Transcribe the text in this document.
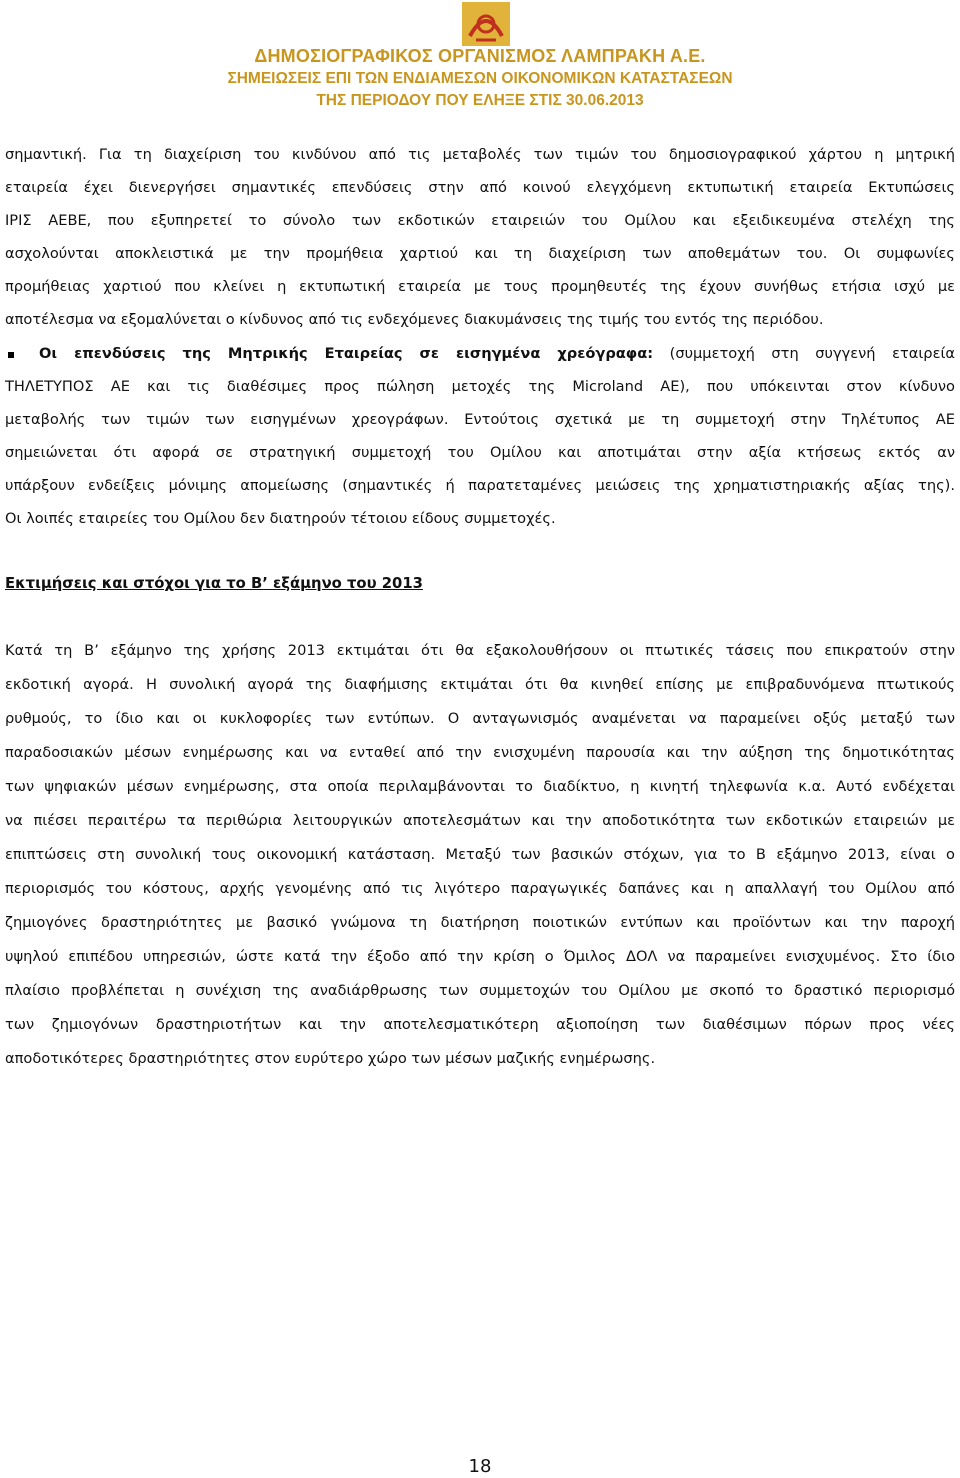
ΔΗΜΟΣΙΟΓΡΑΦΙΚΟΣ ΟΡΓΑΝΙΣΜΟΣ ΛΑΜΠΡΑΚΗ Α.Ε.
ΣΗΜΕΙΩΣΕΙΣ ΕΠΙ ΤΩΝ ΕΝΔΙΑΜΕΣΩΝ ΟΙΚΟΝΟΜΙΚΩΝ ΚΑΤΑΣΤΑΣΕΩΝ
ΤΗΣ ΠΕΡΙΟΔΟΥ ΠΟΥ ΕΛΗΞΕ ΣΤΙΣ 30.06.2013
σημαντική. Για τη διαχείριση του κινδύνου από τις μεταβολές των τιμών του δημοσιογραφικού χάρτου η μητρική
εταιρεία έχει διενεργήσει σημαντικές επενδύσεις στην από κοινού ελεγχόμενη εκτυπωτική εταιρεία Εκτυπώσεις
ΙΡΙΣ ΑΕΒΕ, που εξυπηρετεί το σύνολο των εκδοτικών εταιρειών του Ομίλου και εξειδικευμένα στελέχη της
ασχολούνται αποκλειστικά με την προμήθεια χαρτιού και τη διαχείριση των αποθεμάτων του. Οι συμφωνίες
προμήθειας χαρτιού που κλείνει η εκτυπωτική εταιρεία με τους προμηθευτές της έχουν συνήθως ετήσια ισχύ με
αποτέλεσμα να εξομαλύνεται ο κίνδυνος από τις ενδεχόμενες διακυμάνσεις της τιμής του εντός της περιόδου.
Οι επενδύσεις της Μητρικής Εταιρείας σε εισηγμένα χρεόγραφα: (συμμετοχή στη συγγενή εταιρεία
ΤΗΛΕΤΥΠΟΣ ΑΕ και τις διαθέσιμες προς πώληση μετοχές της Microland ΑΕ), που υπόκεινται στον κίνδυνο
μεταβολής των τιμών των εισηγμένων χρεογράφων. Εντούτοις σχετικά με τη συμμετοχή στην Τηλέτυπος ΑΕ
σημειώνεται ότι αφορά σε στρατηγική συμμετοχή του Ομίλου και αποτιμάται στην αξία κτήσεως εκτός αν
υπάρξουν ενδείξεις μόνιμης απομείωσης (σημαντικές ή παρατεταμένες μειώσεις της χρηματιστηριακής αξίας της).
Οι λοιπές εταιρείες του Ομίλου δεν διατηρούν τέτοιου είδους συμμετοχές.
Εκτιμήσεις και στόχοι για το Β’ εξάμηνο του 2013
Κατά τη Β’ εξάμηνο της χρήσης 2013 εκτιμάται ότι θα εξακολουθήσουν οι πτωτικές τάσεις που επικρατούν στην
εκδοτική αγορά. Η συνολική αγορά της διαφήμισης εκτιμάται ότι θα κινηθεί επίσης με επιβραδυνόμενα πτωτικούς
ρυθμούς, το ίδιο και οι κυκλοφορίες των εντύπων. Ο ανταγωνισμός αναμένεται να παραμείνει οξύς μεταξύ των
παραδοσιακών μέσων ενημέρωσης και να ενταθεί από την ενισχυμένη παρουσία και την αύξηση της δημοτικότητας
των ψηφιακών μέσων ενημέρωσης, στα οποία περιλαμβάνονται το διαδίκτυο, η κινητή τηλεφωνία κ.α. Αυτό ενδέχεται
να πιέσει περαιτέρω τα περιθώρια λειτουργικών αποτελεσμάτων και την αποδοτικότητα των εκδοτικών εταιρειών με
επιπτώσεις στη συνολική τους οικονομική κατάσταση. Μεταξύ των βασικών στόχων, για το Β εξάμηνο 2013, είναι ο
περιορισμός του κόστους, αρχής γενομένης από τις λιγότερο παραγωγικές δαπάνες και η απαλλαγή του Ομίλου από
ζημιογόνες δραστηριότητες με βασικό γνώμονα τη διατήρηση ποιοτικών εντύπων και προϊόντων και την παροχή
υψηλού επιπέδου υπηρεσιών, ώστε κατά την έξοδο από την κρίση ο Όμιλος ΔΟΛ να παραμείνει ενισχυμένος. Στο ίδιο
πλαίσιο προβλέπεται η συνέχιση της αναδιάρθρωσης των συμμετοχών του Ομίλου με σκοπό το δραστικό περιορισμό
των ζημιογόνων δραστηριοτήτων και την αποτελεσματικότερη αξιοποίηση των διαθέσιμων πόρων προς νέες
αποδοτικότερες δραστηριότητες στον ευρύτερο χώρο των μέσων μαζικής ενημέρωσης.
18
